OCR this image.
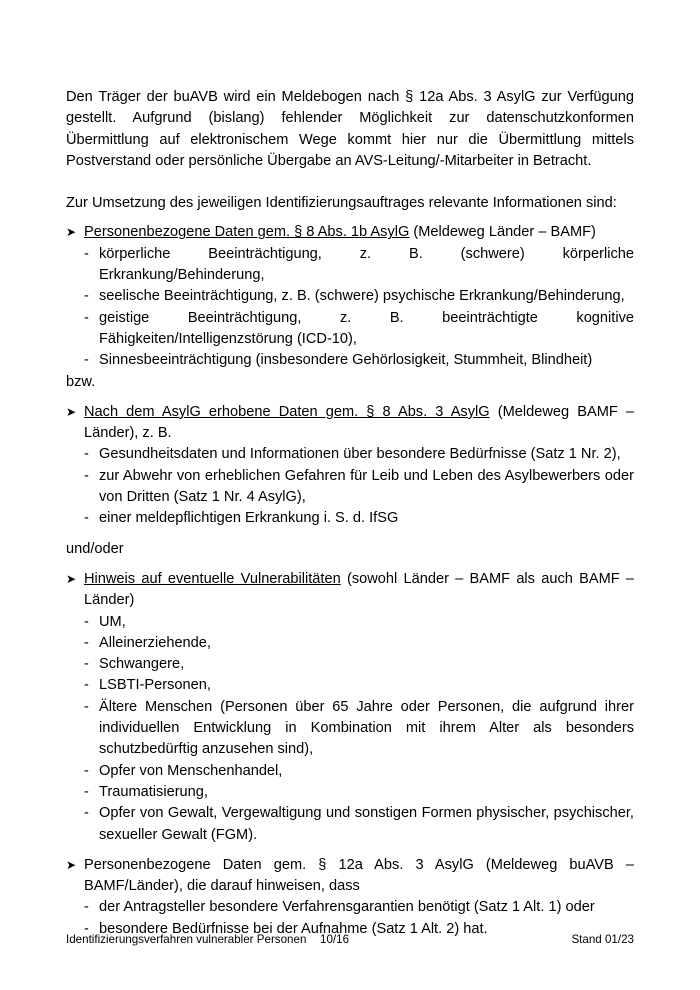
Den Träger der buAVB wird ein Meldebogen nach § 12a Abs. 3 AsylG zur Verfügung gestellt. Aufgrund (bislang) fehlender Möglichkeit zur datenschutzkonformen Übermittlung auf elektronischem Wege kommt hier nur die Übermittlung mittels Postverstand oder persönliche Übergabe an AVS-Leitung/-Mitarbeiter in Betracht.

Zur Umsetzung des jeweiligen Identifizierungsauftrages relevante Informationen sind:

➤ Personenbezogene Daten gem. § 8 Abs. 1b AsylG (Meldeweg Länder – BAMF)
- körperliche Beeinträchtigung, z. B. (schwere) körperliche Erkrankung/Behinderung,
- seelische Beeinträchtigung, z. B. (schwere) psychische Erkrankung/Behinderung,
- geistige Beeinträchtigung, z. B. beeinträchtigte kognitive Fähigkeiten/Intelligenzstörung (ICD-10),
- Sinnesbeeinträchtigung (insbesondere Gehörlosigkeit, Stummheit, Blindheit)

bzw.

➤ Nach dem AsylG erhobene Daten gem. § 8 Abs. 3 AsylG (Meldeweg BAMF – Länder), z. B.
- Gesundheitsdaten und Informationen über besondere Bedürfnisse (Satz 1 Nr. 2),
- zur Abwehr von erheblichen Gefahren für Leib und Leben des Asylbewerbers oder von Dritten (Satz 1 Nr. 4 AsylG),
- einer meldepflichtigen Erkrankung i. S. d. IfSG

und/oder

➤ Hinweis auf eventuelle Vulnerabilitäten (sowohl Länder – BAMF als auch BAMF – Länder)
- UM,
- Alleinerziehende,
- Schwangere,
- LSBTI-Personen,
- Ältere Menschen (Personen über 65 Jahre oder Personen, die aufgrund ihrer individuellen Entwicklung in Kombination mit ihrem Alter als besonders schutzbedürftig anzusehen sind),
- Opfer von Menschenhandel,
- Traumatisierung,
- Opfer von Gewalt, Vergewaltigung und sonstigen Formen physischer, psychischer, sexueller Gewalt (FGM).
➤ Personenbezogene Daten gem. § 12a Abs. 3 AsylG (Meldeweg buAVB – BAMF/Länder), die darauf hinweisen, dass
- der Antragsteller besondere Verfahrensgarantien benötigt (Satz 1 Alt. 1) oder
- besondere Bedürfnisse bei der Aufnahme (Satz 1 Alt. 2) hat.
Identifizierungsverfahren vulnerabler Personen 10/16	Stand 01/23
